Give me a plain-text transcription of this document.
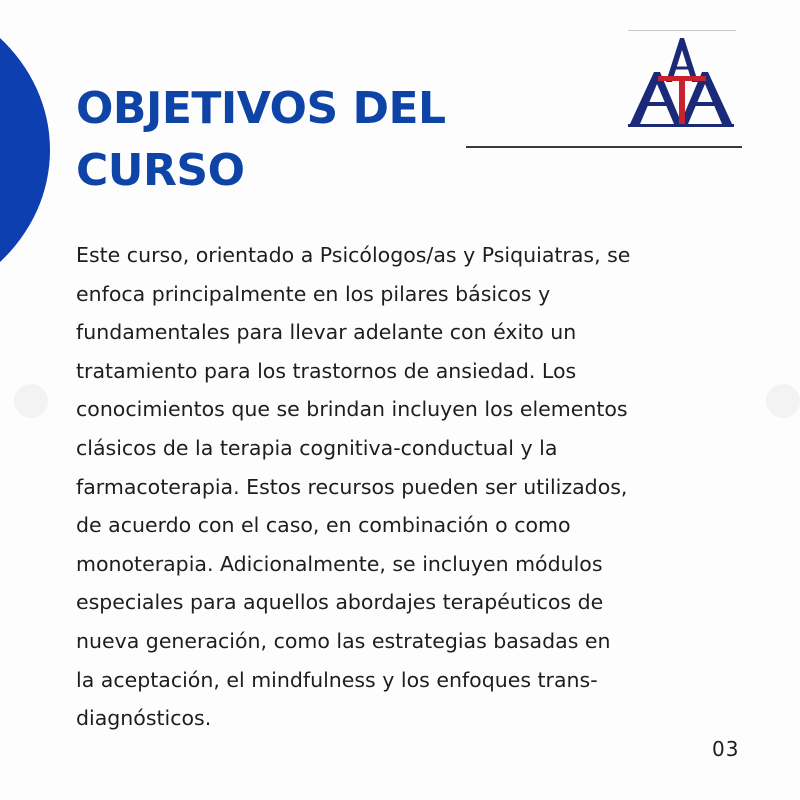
OBJETIVOS DEL
CURSO

Este curso, orientado a Psicólogos/as y Psiquiatras, se
enfoca principalmente en los pilares básicos y
fundamentales para llevar adelante con éxito un
tratamiento para los trastornos de ansiedad. Los
conocimientos que se brindan incluyen los elementos
clásicos de la terapia cognitiva-conductual y la
farmacoterapia. Estos recursos pueden ser utilizados,
de acuerdo con el caso, en combinación o como
monoterapia. Adicionalmente, se incluyen módulos
especiales para aquellos abordajes terapéuticos de
nueva generación, como las estrategias basadas en
la aceptación, el mindfulness y los enfoques trans-
diagnósticos.

03
